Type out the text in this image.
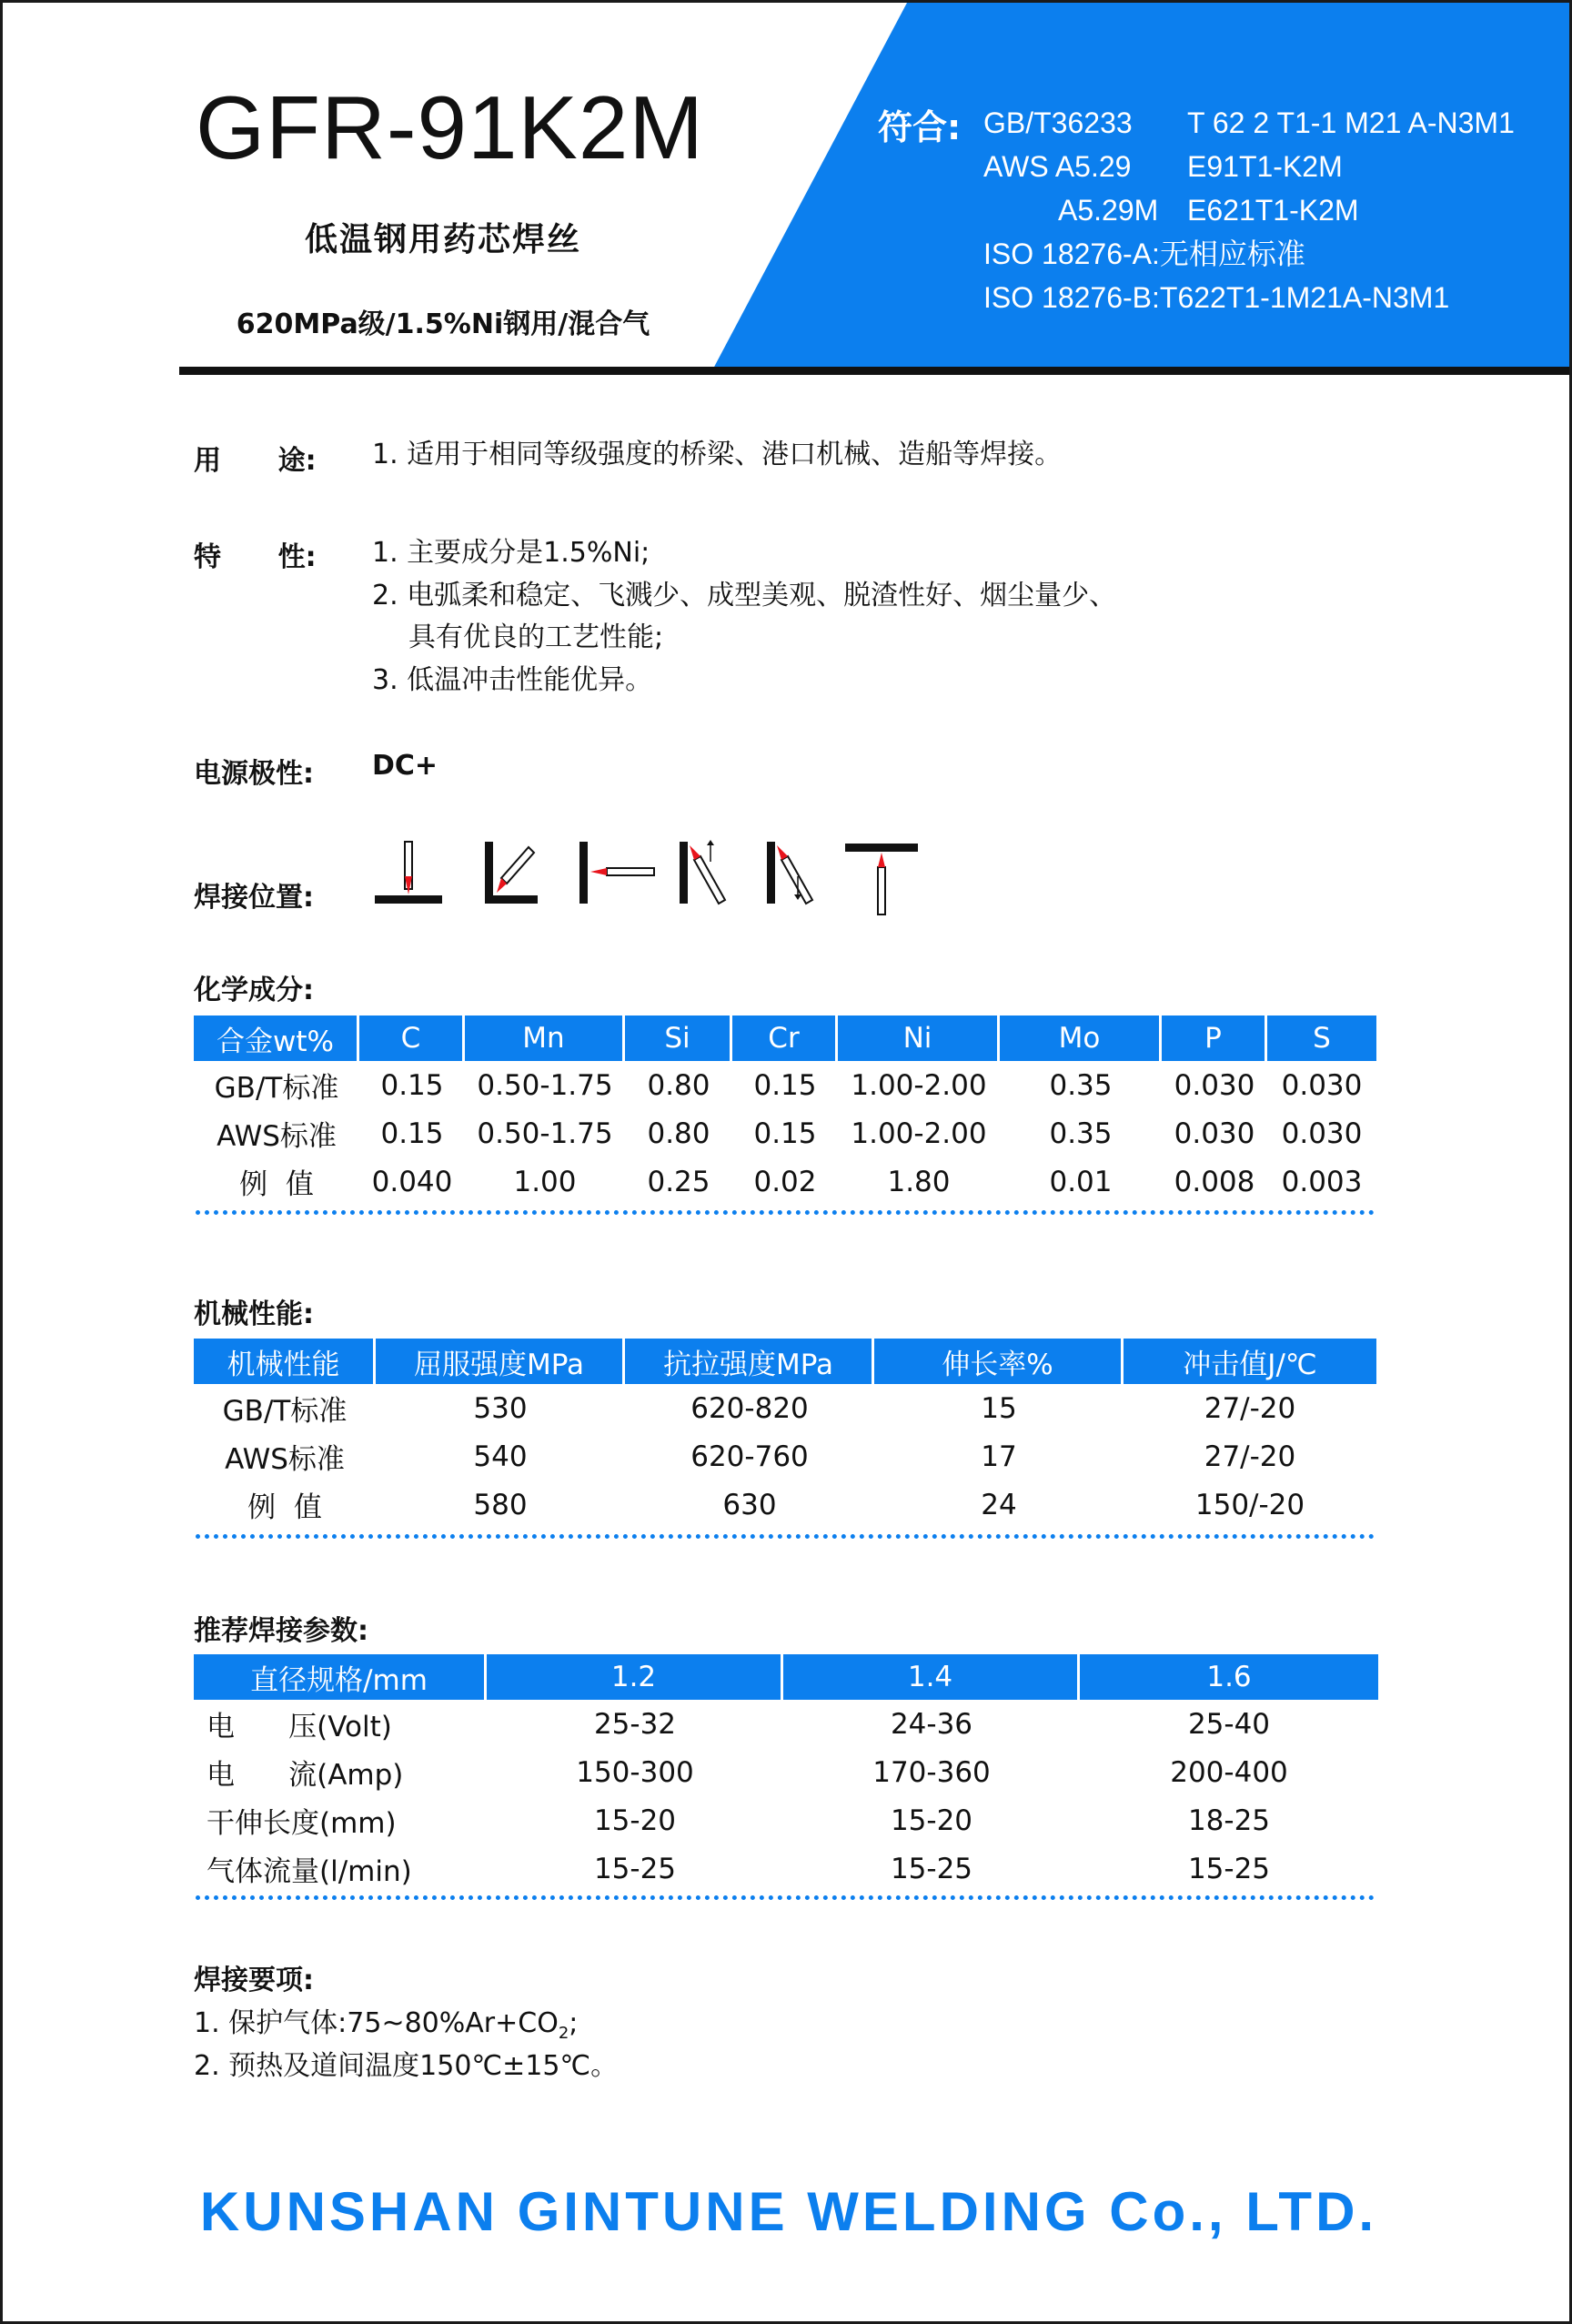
GFR-91K2M
低温钢用药芯焊丝
620MPa级/1.5%Ni钢用/混合气
符合: GB/T36233 T 62 2 T1-1 M21 A-N3M1
AWS A5.29 E91T1-K2M
A5.29M E621T1-K2M
ISO 18276-A:无相应标准
ISO 18276-B:T622T1-1M21A-N3M1
用      途: 1. 适用于相同等级强度的桥梁、港口机械、造船等焊接。
特      性: 1. 主要成分是1.5%Ni;
2. 电弧柔和稳定、飞溅少、成型美观、脱渣性好、烟尘量少、
具有优良的工艺性能;
3. 低温冲击性能优异。
电源极性: DC+
焊接位置:
化学成分:
合金wt%	C	Mn	Si	Cr	Ni	Mo	P	S
GB/T标准	0.15	0.50-1.75	0.80	0.15	1.00-2.00	0.35	0.030	0.030
AWS标准	0.15	0.50-1.75	0.80	0.15	1.00-2.00	0.35	0.030	0.030
例  值	0.040	1.00	0.25	0.02	1.80	0.01	0.008	0.003
机械性能:
机械性能	屈服强度MPa	抗拉强度MPa	伸长率%	冲击值J/℃
GB/T标准	530	620-820	15	27/-20
AWS标准	540	620-760	17	27/-20
例  值	580	630	24	150/-20
推荐焊接参数:
直径规格/mm	1.2	1.4	1.6
电      压(Volt)	25-32	24-36	25-40
电      流(Amp)	150-300	170-360	200-400
干伸长度(mm)	15-20	15-20	18-25
气体流量(l/min)	15-25	15-25	15-25
焊接要项:
1. 保护气体$:75\sim 80\%Ar+CO_2$;
2. 预热及道间温度150℃±15℃。
KUNSHAN GINTUNE WELDING Co., LTD.
